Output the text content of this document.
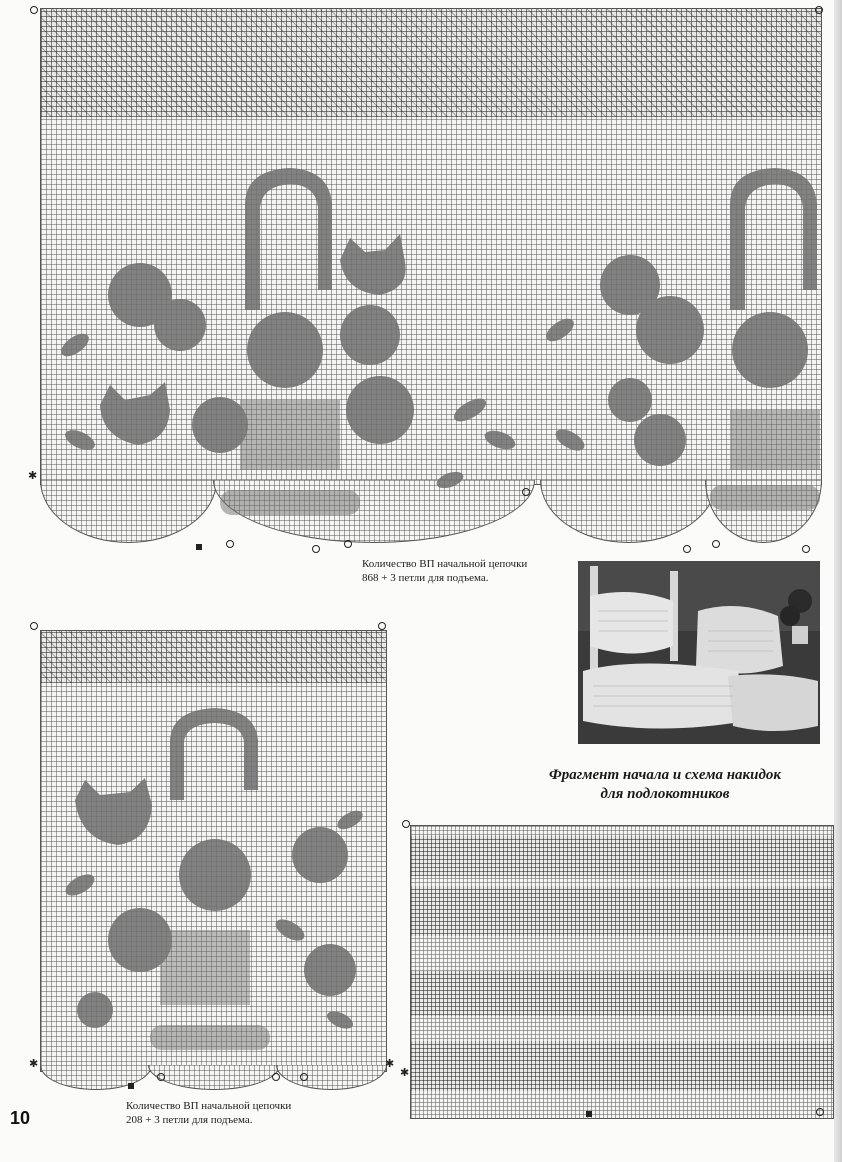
✱
Количество ВП начальной цепочки
868 + 3 петли для подъема.
Фрагмент начала и схема накидок
для подлокотников
✱	✱
Количество ВП начальной цепочки
208 + 3 петли для подъема.
✱
10
